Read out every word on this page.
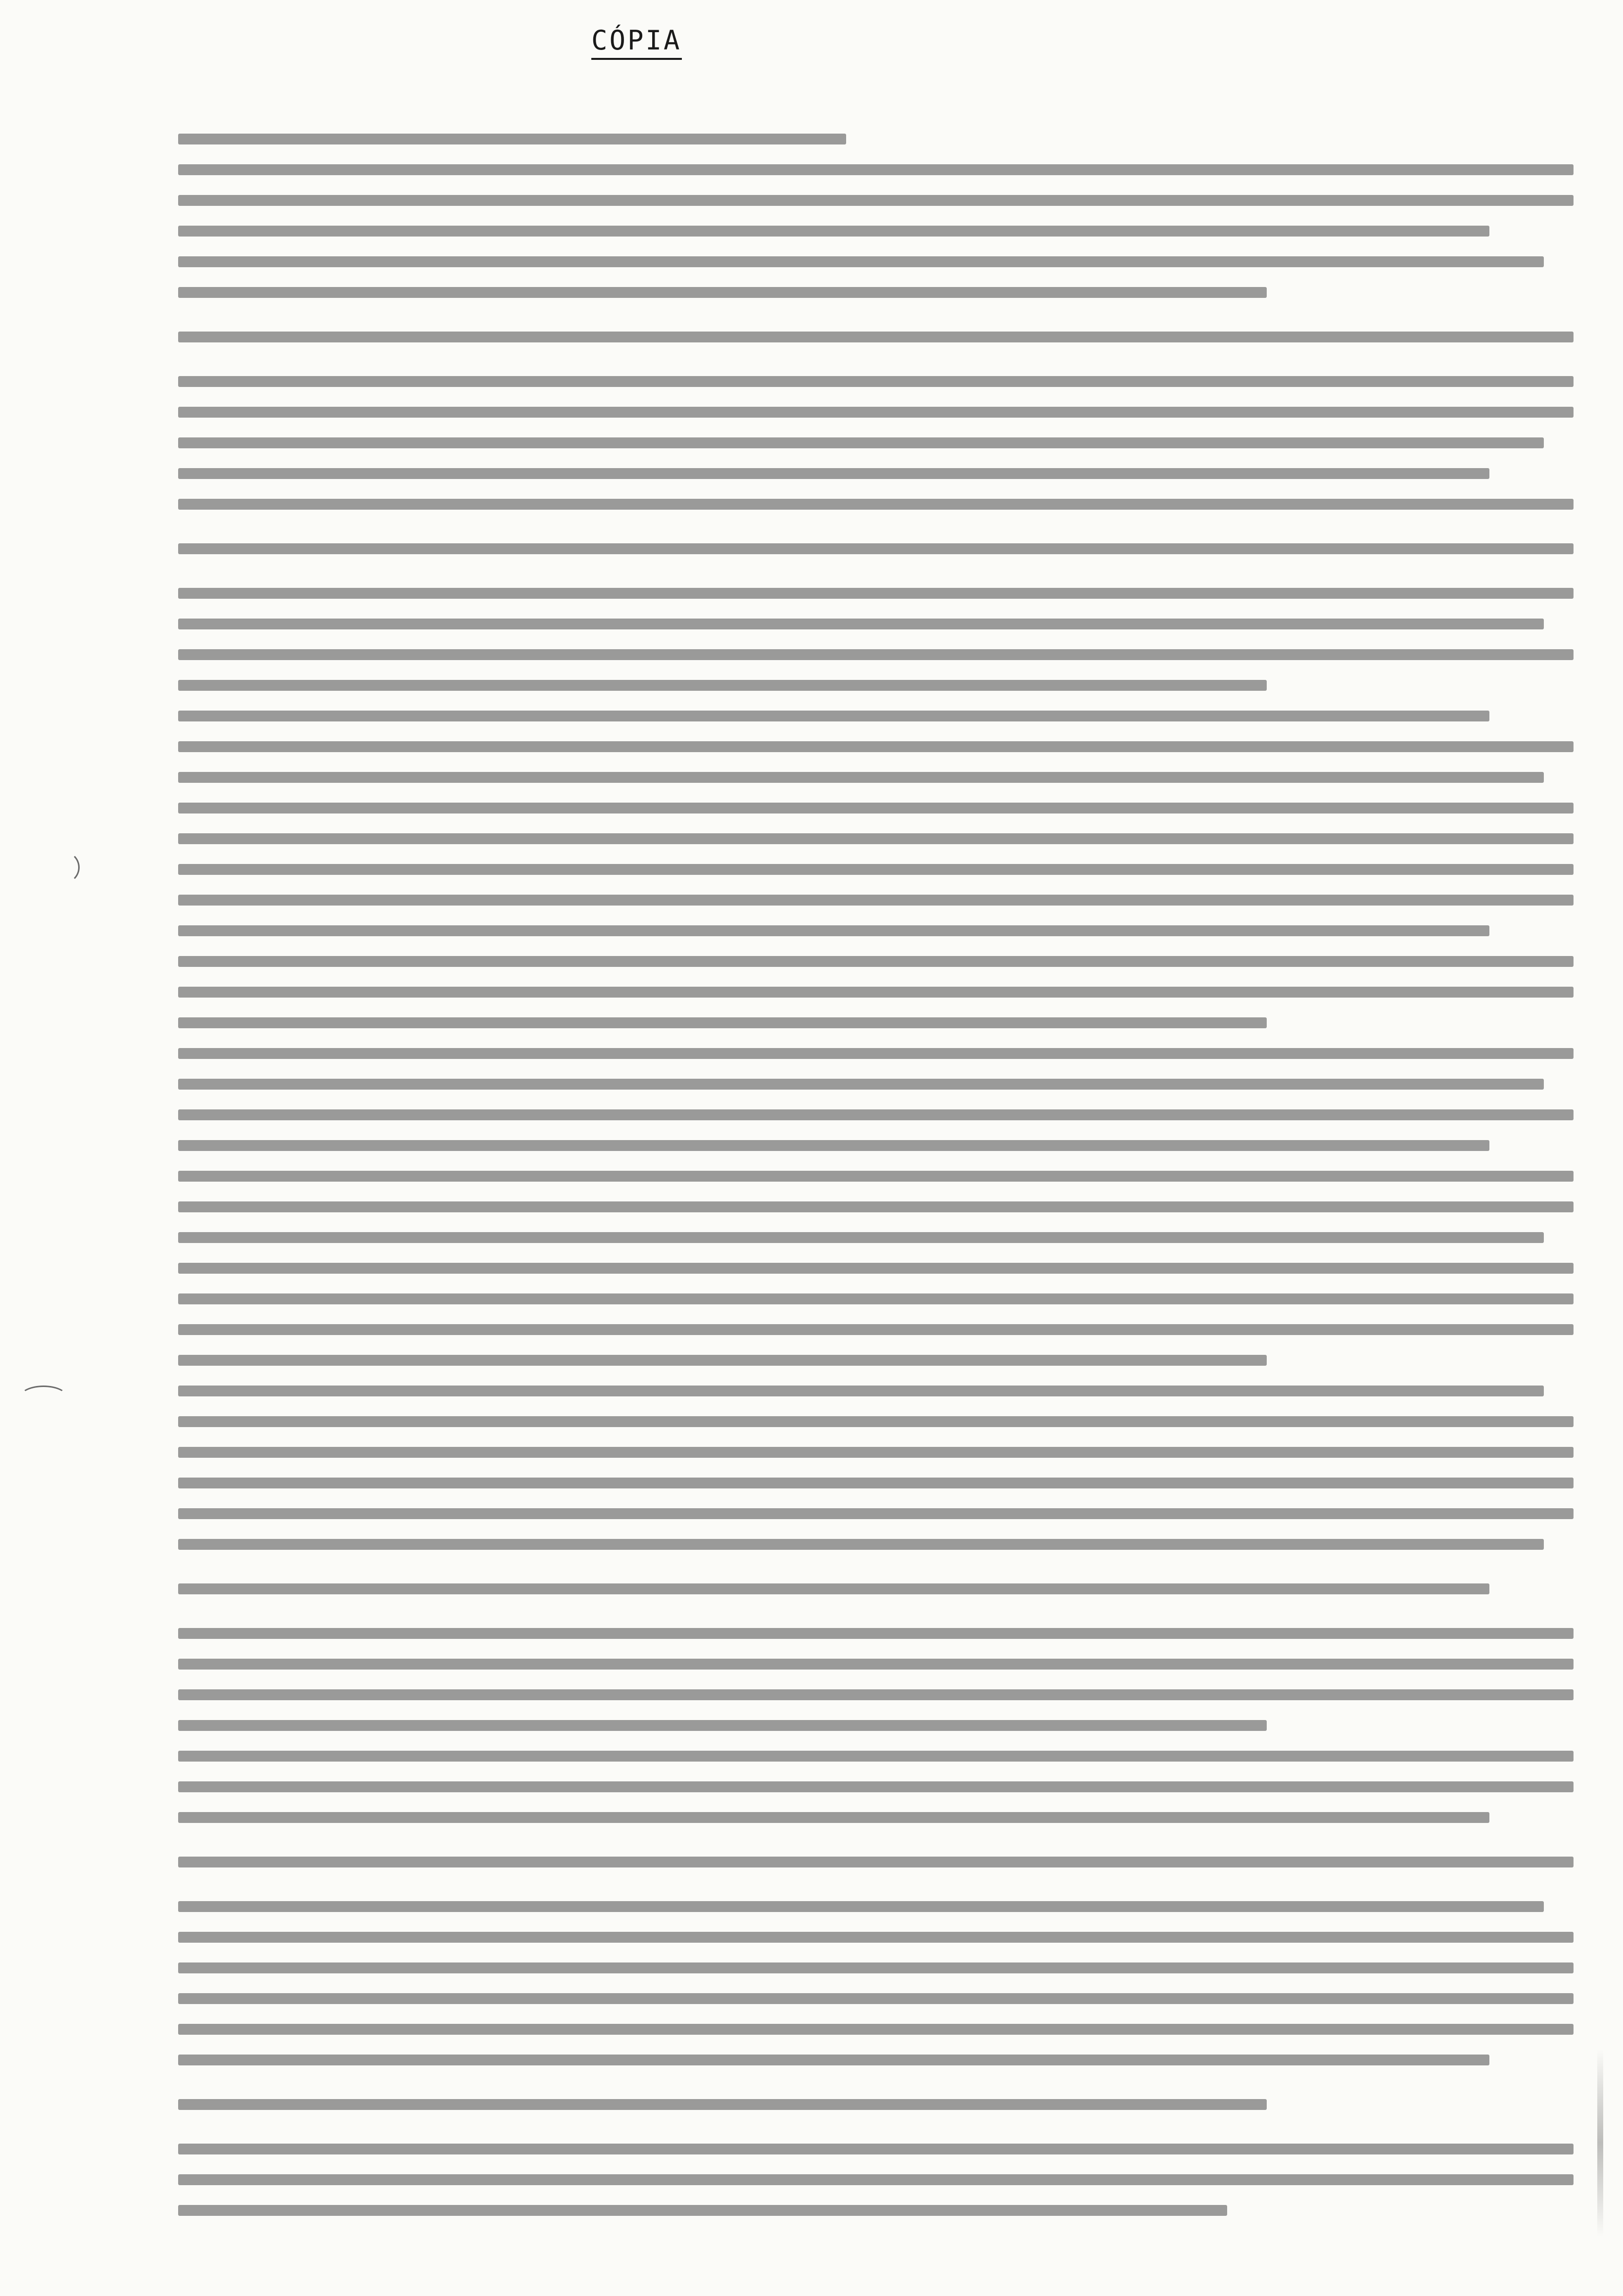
CÓPIA
